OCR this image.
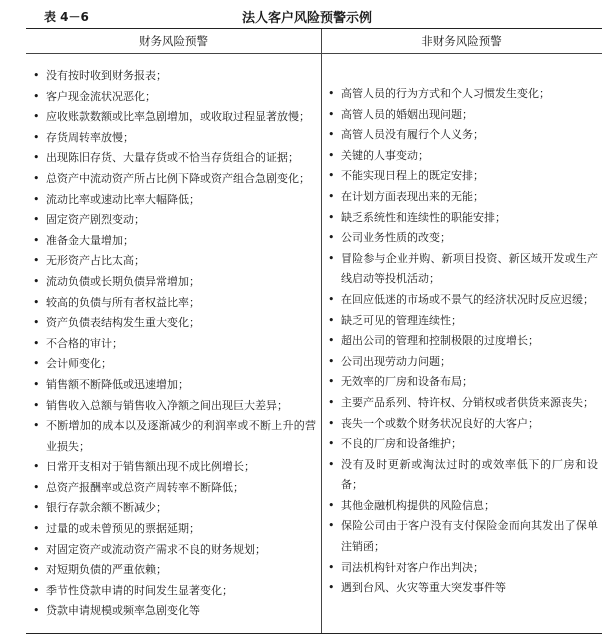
表 4－6	法人客户风险预警示例
财务风险预警	非财务风险预警
• 没有按时收到财务报表；
• 客户现金流状况恶化；
• 应收账款数额或比率急剧增加，或收取过程显著放慢；
• 存货周转率放慢；
• 出现陈旧存货、大量存货或不恰当存货组合的证据；
• 总资产中流动资产所占比例下降或资产组合急剧变化；
• 流动比率或速动比率大幅降低；
• 固定资产剧烈变动；
• 准备金大量增加；
• 无形资产占比太高；
• 流动负债或长期负债异常增加；
• 较高的负债与所有者权益比率；
• 资产负债表结构发生重大变化；
• 不合格的审计；
• 会计师变化；
• 销售额不断降低或迅速增加；
• 销售收入总额与销售收入净额之间出现巨大差异；
• 不断增加的成本以及逐渐减少的利润率或不断上升的营业损失；
• 日常开支相对于销售额出现不成比例增长；
• 总资产报酬率或总资产周转率不断降低；
• 银行存款余额不断减少；
• 过量的或未曾预见的票据延期；
• 对固定资产或流动资产需求不良的财务规划；
• 对短期负债的严重依赖；
• 季节性贷款申请的时间发生显著变化；
• 贷款申请规模或频率急剧变化等
• 高管人员的行为方式和个人习惯发生变化；
• 高管人员的婚姻出现问题；
• 高管人员没有履行个人义务；
• 关键的人事变动；
• 不能实现日程上的既定安排；
• 在计划方面表现出来的无能；
• 缺乏系统性和连续性的职能安排；
• 公司业务性质的改变；
• 冒险参与企业并购、新项目投资、新区域开发或生产线启动等投机活动；
• 在回应低迷的市场或不景气的经济状况时反应迟缓；
• 缺乏可见的管理连续性；
• 超出公司的管理和控制极限的过度增长；
• 公司出现劳动力问题；
• 无效率的厂房和设备布局；
• 主要产品系列、特许权、分销权或者供货来源丧失；
• 丧失一个或数个财务状况良好的大客户；
• 不良的厂房和设备维护；
• 没有及时更新或淘汰过时的或效率低下的厂房和设备；
• 其他金融机构提供的风险信息；
• 保险公司由于客户没有支付保险金而向其发出了保单注销函；
• 司法机构针对客户作出判决；
• 遇到台风、火灾等重大突发事件等
